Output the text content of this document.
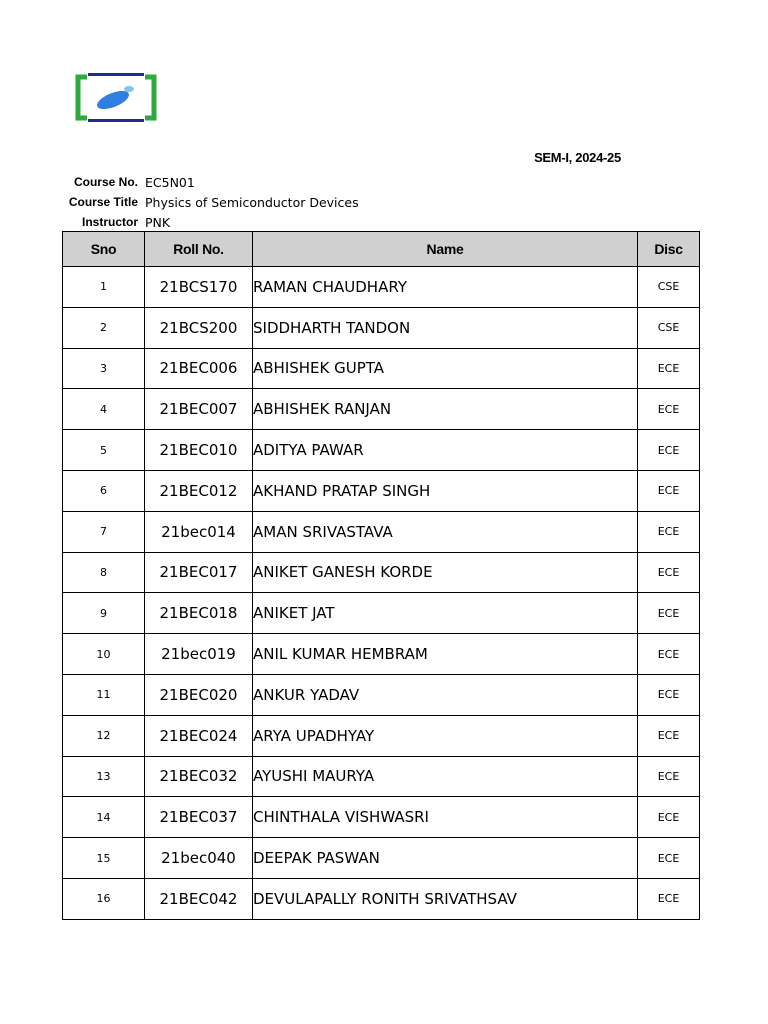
SEM-I, 2024-25
Course No. EC5N01
Course Title Physics of Semiconductor Devices
Instructor PNK
Sno	Roll No.	Name	Disc
1	21BCS170	RAMAN CHAUDHARY	CSE
2	21BCS200	SIDDHARTH TANDON	CSE
3	21BEC006	ABHISHEK GUPTA	ECE
4	21BEC007	ABHISHEK RANJAN	ECE
5	21BEC010	ADITYA PAWAR	ECE
6	21BEC012	AKHAND PRATAP SINGH	ECE
7	21bec014	AMAN SRIVASTAVA	ECE
8	21BEC017	ANIKET GANESH KORDE	ECE
9	21BEC018	ANIKET JAT	ECE
10	21bec019	ANIL KUMAR HEMBRAM	ECE
11	21BEC020	ANKUR YADAV	ECE
12	21BEC024	ARYA UPADHYAY	ECE
13	21BEC032	AYUSHI MAURYA	ECE
14	21BEC037	CHINTHALA VISHWASRI	ECE
15	21bec040	DEEPAK PASWAN	ECE
16	21BEC042	DEVULAPALLY RONITH SRIVATHSAV	ECE
